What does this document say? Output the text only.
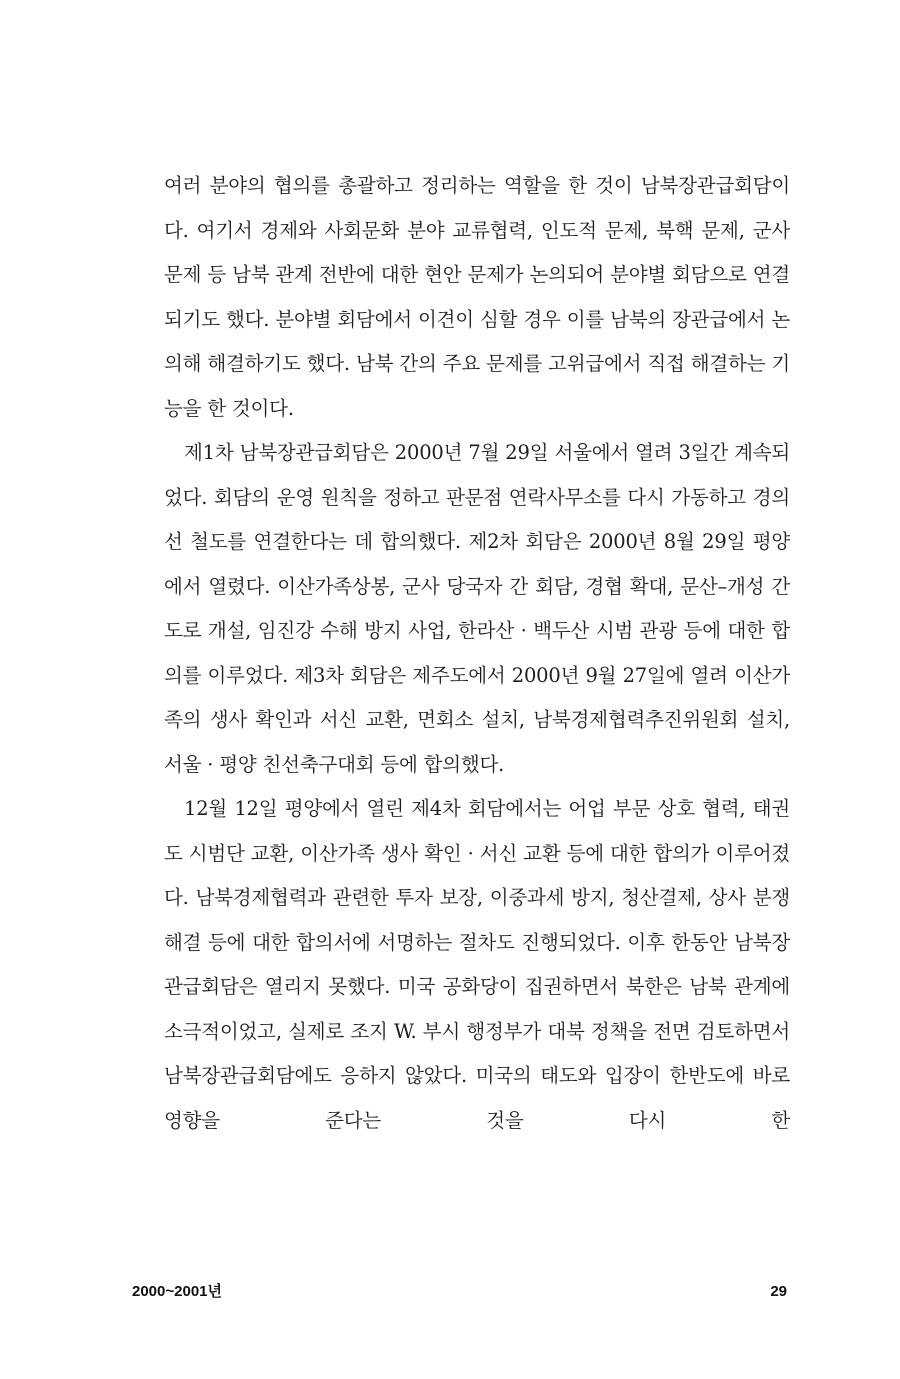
여러 분야의 협의를 총괄하고 정리하는 역할을 한 것이 남북장관급회담이다. 여기서 경제와 사회문화 분야 교류협력, 인도적 문제, 북핵 문제, 군사 문제 등 남북 관계 전반에 대한 현안 문제가 논의되어 분야별 회담으로 연결되기도 했다. 분야별 회담에서 이견이 심할 경우 이를 남북의 장관급에서 논의해 해결하기도 했다. 남북 간의 주요 문제를 고위급에서 직접 해결하는 기능을 한 것이다.

제1차 남북장관급회담은 2000년 7월 29일 서울에서 열려 3일간 계속되었다. 회담의 운영 원칙을 정하고 판문점 연락사무소를 다시 가동하고 경의선 철도를 연결한다는 데 합의했다. 제2차 회담은 2000년 8월 29일 평양에서 열렸다. 이산가족상봉, 군사 당국자 간 회담, 경협 확대, 문산–개성 간 도로 개설, 임진강 수해 방지 사업, 한라산 · 백두산 시범 관광 등에 대한 합의를 이루었다. 제3차 회담은 제주도에서 2000년 9월 27일에 열려 이산가족의 생사 확인과 서신 교환, 면회소 설치, 남북경제협력추진위원회 설치, 서울 · 평양 친선축구대회 등에 합의했다.

12월 12일 평양에서 열린 제4차 회담에서는 어업 부문 상호 협력, 태권도 시범단 교환, 이산가족 생사 확인 · 서신 교환 등에 대한 합의가 이루어졌다. 남북경제협력과 관련한 투자 보장, 이중과세 방지, 청산결제, 상사 분쟁 해결 등에 대한 합의서에 서명하는 절차도 진행되었다. 이후 한동안 남북장관급회담은 열리지 못했다. 미국 공화당이 집권하면서 북한은 남북 관계에 소극적이었고, 실제로 조지 W. 부시 행정부가 대북 정책을 전면 검토하면서 남북장관급회담에도 응하지 않았다. 미국의 태도와 입장이 한반도에 바로 영향을 준다는 것을 다시 한

2000~2001년	29
